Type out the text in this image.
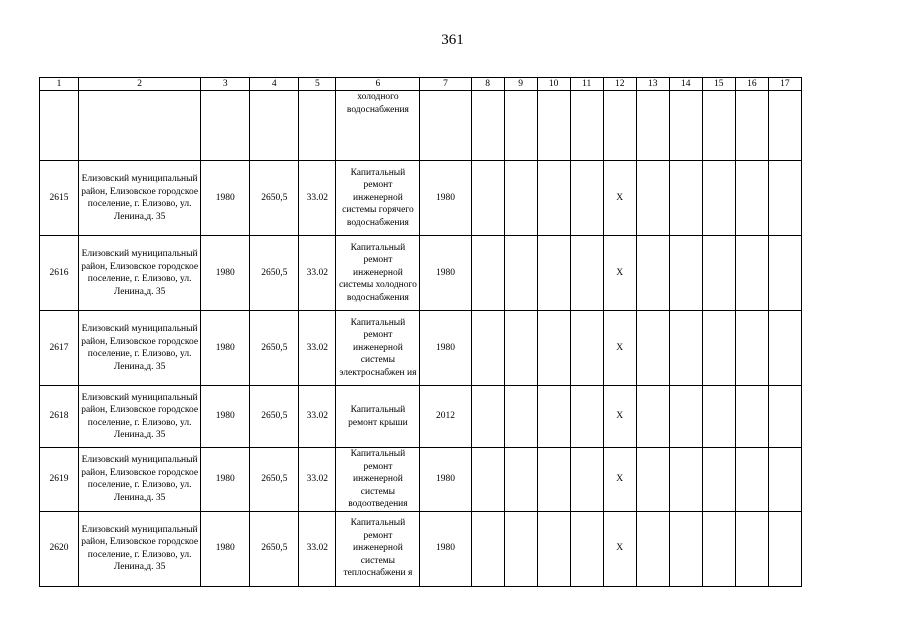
361
1	2	3	4	5	6	7	8	9	10	11	12	13	14	15	16	17
					холодного водоснабжения											
2615	Елизовский муниципальный район, Елизовское городское поселение, г. Елизово, ул. Ленина,д. 35	1980	2650,5	33.02	Капитальный ремонт инженерной системы горячего водоснабжения	1980					X					
2616	Елизовский муниципальный район, Елизовское городское поселение, г. Елизово, ул. Ленина,д. 35	1980	2650,5	33.02	Капитальный ремонт инженерной системы холодного водоснабжения	1980					X					
2617	Елизовский муниципальный район, Елизовское городское поселение, г. Елизово, ул. Ленина,д. 35	1980	2650,5	33.02	Капитальный ремонт инженерной системы электроснабжен ия	1980					X					
2618	Елизовский муниципальный район, Елизовское городское поселение, г. Елизово, ул. Ленина,д. 35	1980	2650,5	33.02	Капитальный ремонт крыши	2012					X					
2619	Елизовский муниципальный район, Елизовское городское поселение, г. Елизово, ул. Ленина,д. 35	1980	2650,5	33.02	Капитальный ремонт инженерной системы водоотведения	1980					X					
2620	Елизовский муниципальный район, Елизовское городское поселение, г. Елизово, ул. Ленина,д. 35	1980	2650,5	33.02	Капитальный ремонт инженерной системы теплоснабжени я	1980					X					
